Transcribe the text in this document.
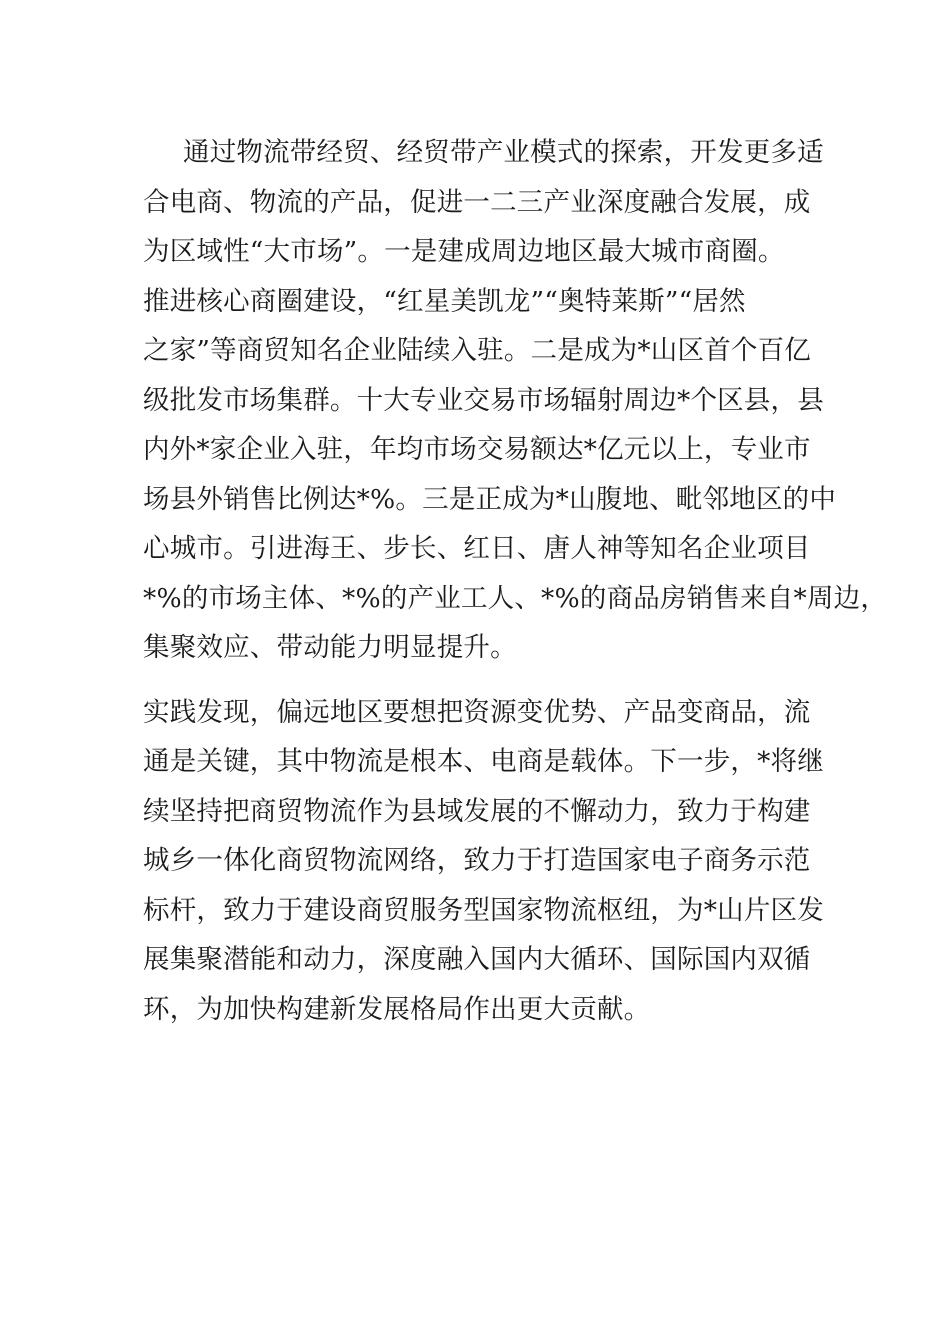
通过物流带经贸、经贸带产业模式的探索，开发更多适
合电商、物流的产品，促进一二三产业深度融合发展，成
为区域性“大市场”。一是建成周边地区最大城市商圈。
推进核心商圈建设，“红星美凯龙”“奥特莱斯”“居然
之家”等商贸知名企业陆续入驻。二是成为*山区首个百亿
级批发市场集群。十大专业交易市场辐射周边*个区县，县
内外*家企业入驻，年均市场交易额达*亿元以上，专业市
场县外销售比例达*%。三是正成为*山腹地、毗邻地区的中
心城市。引进海王、步长、红日、唐人神等知名企业项目
*%的市场主体、*%的产业工人、*%的商品房销售来自*周边，
集聚效应、带动能力明显提升。
实践发现，偏远地区要想把资源变优势、产品变商品，流
通是关键，其中物流是根本、电商是载体。下一步，*将继
续坚持把商贸物流作为县域发展的不懈动力，致力于构建
城乡一体化商贸物流网络，致力于打造国家电子商务示范
标杆，致力于建设商贸服务型国家物流枢纽，为*山片区发
展集聚潜能和动力，深度融入国内大循环、国际国内双循
环，为加快构建新发展格局作出更大贡献。
